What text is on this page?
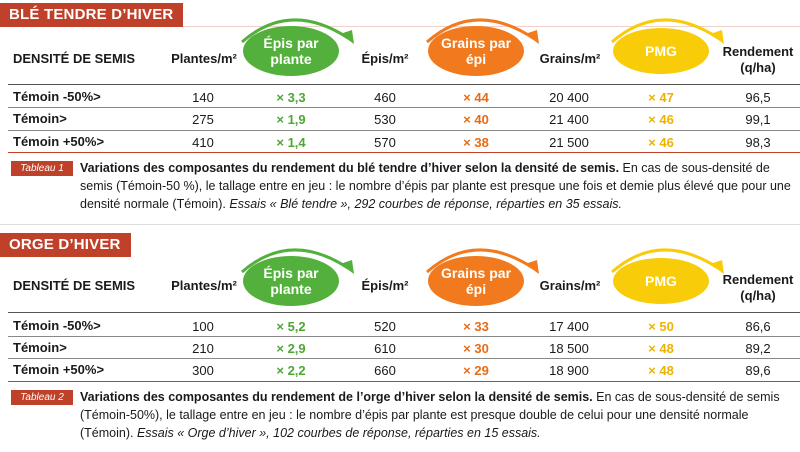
BLÉ TENDRE D’HIVER
Épis par plante
Grains par épi	PMG
DENSITÉ DE SEMIS	Plantes/m²	Épis/m²	Grains/m²	Rendement
(q/ha)
Témoin -50%>	140	× 3,3	460	× 44	20 400	× 47	96,5
Témoin>	275	× 1,9	530	× 40	21 400	× 46	99,1
Témoin +50%>	410	× 1,4	570	× 38	21 500	× 46	98,3
Tableau 1	Variations des composantes du rendement du blé tendre d’hiver selon la densité de semis. En cas de sous-densité de semis (Témoin-50 %), le tallage entre en jeu : le nombre d’épis par plante est presque une fois et demie plus élevé que pour une densité normale (Témoin). Essais « Blé tendre », 292 courbes de réponse, réparties en 35 essais.
ORGE D’HIVER
Épis par plante
Grains par épi	PMG
DENSITÉ DE SEMIS	Plantes/m²	Épis/m²	Grains/m²	Rendement
(q/ha)
Témoin -50%>	100	× 5,2	520	× 33	17 400	× 50	86,6
Témoin>	210	× 2,9	610	× 30	18 500	× 48	89,2
Témoin +50%>	300	× 2,2	660	× 29	18 900	× 48	89,6
Tableau 2	Variations des composantes du rendement de l’orge d’hiver selon la densité de semis. En cas de sous-densité de semis (Témoin-50%), le tallage entre en jeu : le nombre d’épis par plante est presque double de celui pour une densité normale (Témoin). Essais « Orge d’hiver », 102 courbes de réponse, réparties en 15 essais.
